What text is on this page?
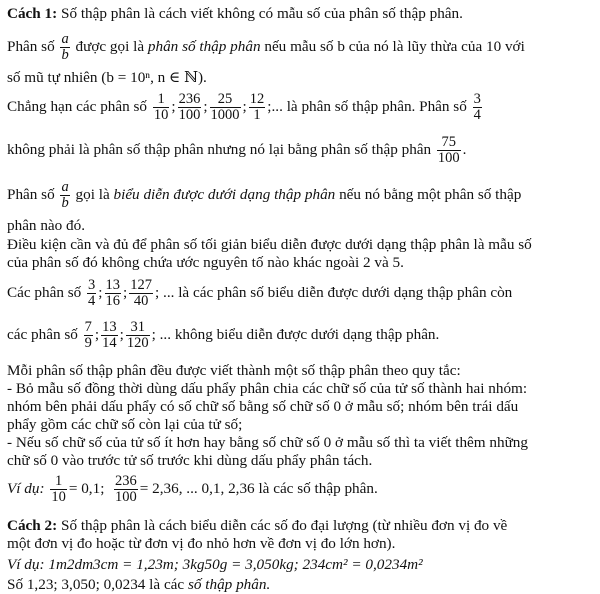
Cách 1: Số thập phân là cách viết không có mẫu số của phân số thập phân.
Phân số $\frac{a}{b}$ được gọi là phân số thập phân nếu mẫu số b của nó là lũy thừa của 10 với
số mũ tự nhiên (b = 10ⁿ, n ∈ ℕ).
Chẳng hạn các phân số $\frac{1}{10}$ ; $\frac{236}{100}$ ; $\frac{25}{1000}$ ; $\frac{12}{1}$ ;... là phân số thập phân. Phân số $\frac{3}{4}$
không phải là phân số thập phân nhưng nó lại bằng phân số thập phân $\frac{75}{100}$ .
Phân số $\frac{a}{b}$ gọi là biểu diễn được dưới dạng thập phân nếu nó bằng một phân số thập
phân nào đó.
Điều kiện cần và đủ để phân số tối giản biểu diễn được dưới dạng thập phân là mẫu số
của phân số đó không chứa ước nguyên tố nào khác ngoài 2 và 5.
Các phân số $\frac{3}{4}$ ; $\frac{13}{16}$ ; $\frac{127}{40}$ ; ... là các phân số biểu diễn được dưới dạng thập phân còn
các phân số $\frac{7}{9}$ ; $\frac{13}{14}$ ; $\frac{31}{120}$ ; ... không biểu diễn được dưới dạng thập phân.
Mỗi phân số thập phân đều được viết thành một số thập phân theo quy tắc:
- Bỏ mẫu số đồng thời dùng dấu phẩy phân chia các chữ số của tử số thành hai nhóm:
nhóm bên phải dấu phẩy có số chữ số bằng số chữ số 0 ở mẫu số; nhóm bên trái dấu
phẩy gồm các chữ số còn lại của tử số;
- Nếu số chữ số của tử số ít hơn hay bằng số chữ số 0 ở mẫu số thì ta viết thêm những
chữ số 0 vào trước tử số trước khi dùng dấu phẩy phân tách.
Ví dụ: $\frac{1}{10} = 0,1$; $\frac{236}{100} = 2,36$, ... 0,1, 2,36 là các số thập phân.
Cách 2: Số thập phân là cách biểu diễn các số đo đại lượng (từ nhiều đơn vị đo về
một đơn vị đo hoặc từ đơn vị đo nhỏ hơn về đơn vị đo lớn hơn).
Ví dụ: 1m2dm3cm = 1,23m; 3kg50g = 3,050kg; 234cm² = 0,0234m²
Số 1,23; 3,050; 0,0234 là các số thập phân.
